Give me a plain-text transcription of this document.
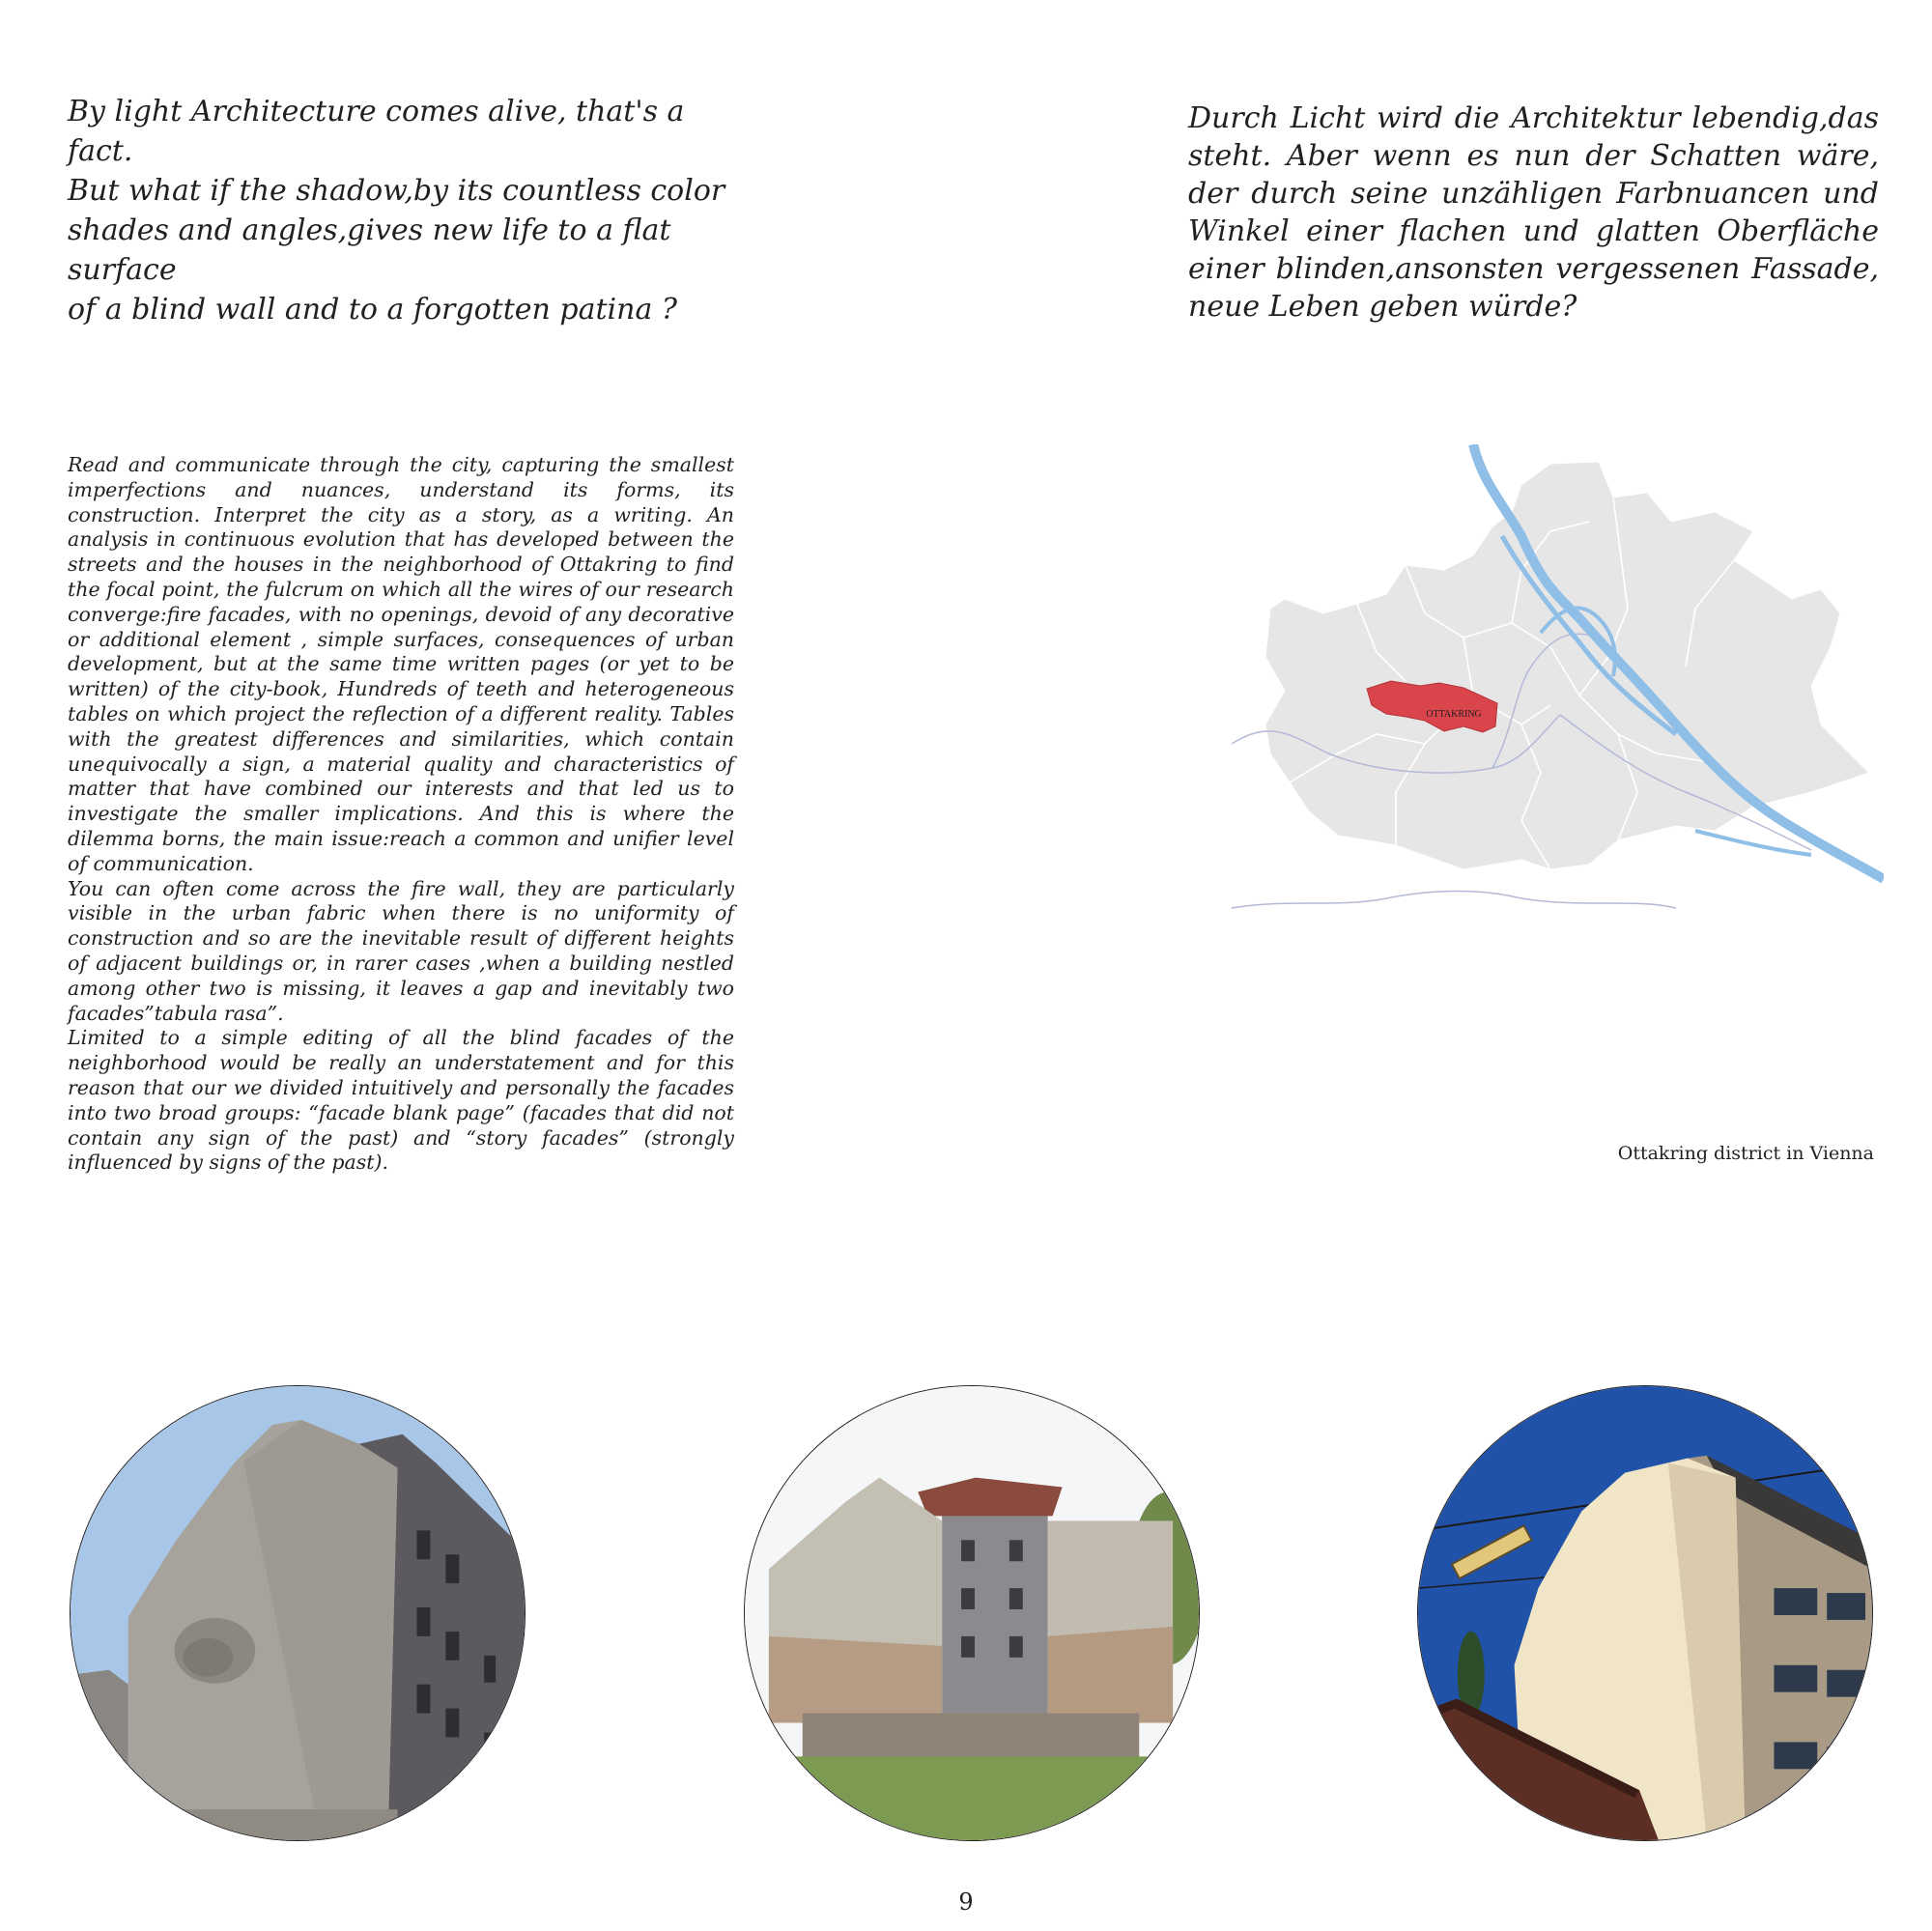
By light Architecture comes alive, that's a fact.
But what if the shadow,by its countless color
shades and angles,gives new life to a flat surface
of a blind wall and to a forgotten patina ?
Durch Licht wird die Architektur lebendig,das steht. Aber wenn es nun der Schatten wäre, der durch seine unzähligen Farbnuancen und Winkel einer flachen und glatten Oberfläche einer blinden,ansonsten vergessenen Fassade, neue Leben geben würde?

Read and communicate through the city, capturing the smallest imperfections and nuances, understand its forms, its construction. Interpret the city as a story, as a writing. An analysis in continuous evolution that has developed between the streets and the houses in the neighborhood of Ottakring to find the focal point, the fulcrum on which all the wires of our research converge:fire facades, with no openings, devoid of any decorative or additional element , simple surfaces, consequences of urban development, but at the same time written pages (or yet to be written) of the city-book, Hundreds of teeth and heterogeneous tables on which project the reflection of a different reality. Tables with the greatest differences and similarities, which contain unequivocally a sign, a material quality and characteristics of matter that have combined our interests and that led us to investigate the smaller implications. And this is where the dilemma borns, the main issue:reach a common and unifier level of communication.

You can often come across the fire wall, they are particularly visible in the urban fabric when there is no uniformity of construction and so are the inevitable result of different heights of adjacent buildings or, in rarer cases ,when a building nestled among other two is missing, it leaves a gap and inevitably two facades”tabula rasa”.

Limited to a simple editing of all the blind facades of the neighborhood would be really an understatement and for this reason that our we divided intuitively and personally the facades into two broad groups: “facade blank page” (facades that did not contain any sign of the past) and “story facades” (strongly influenced by signs of the past).

OTTAKRING
Ottakring district in Vienna
9
